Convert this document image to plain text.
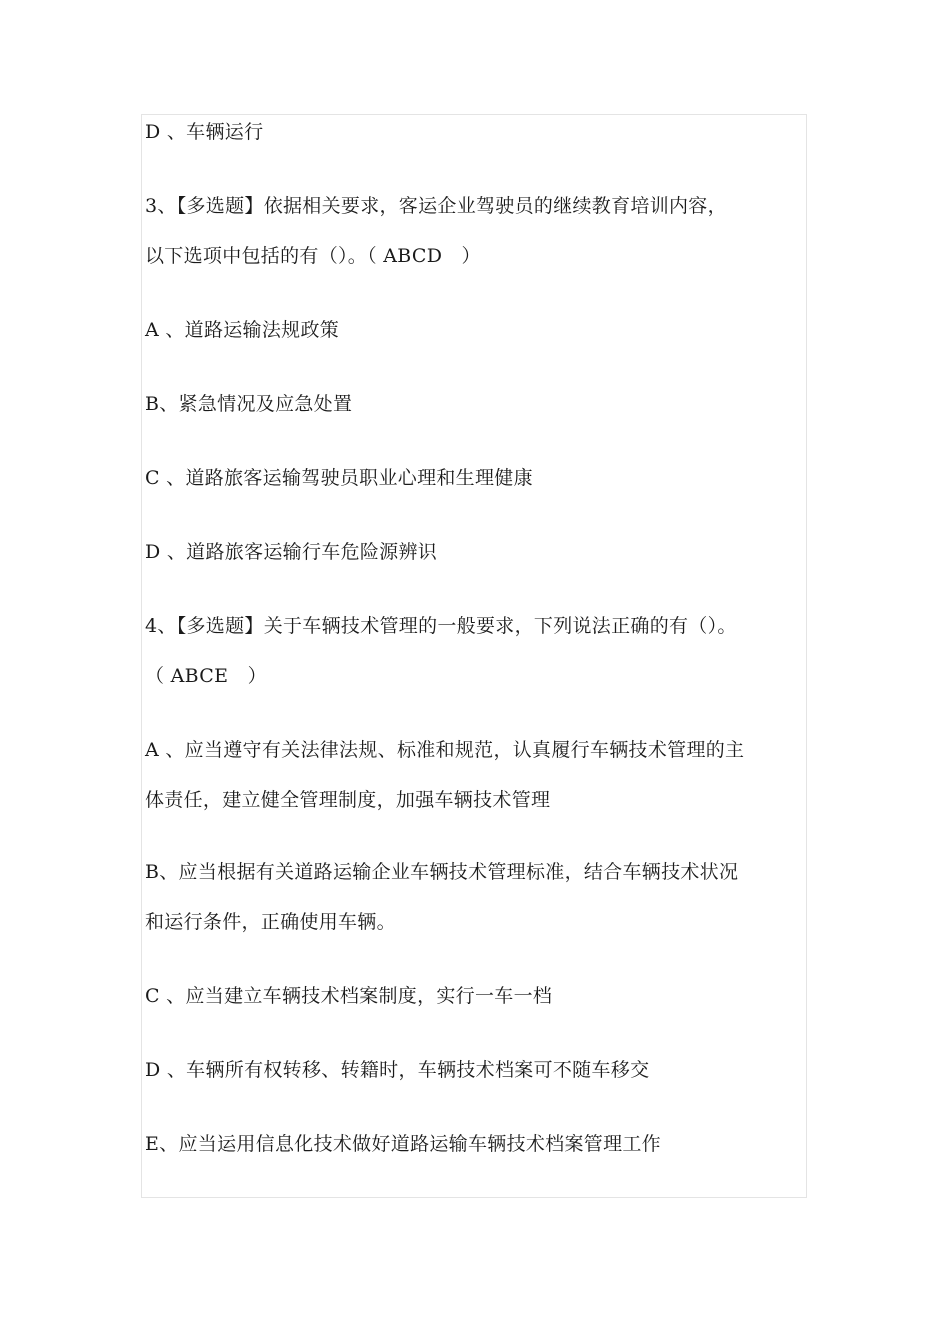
D 、车辆运行
3、【多选题】依据相关要求，客运企业驾驶员的继续教育培训内容，
以下选项中包括的有（）。（ ABCD　）
A 、道路运输法规政策
B、紧急情况及应急处置
C 、道路旅客运输驾驶员职业心理和生理健康
D 、道路旅客运输行车危险源辨识
4、【多选题】关于车辆技术管理的一般要求，下列说法正确的有（）。
（ ABCE　）
A 、应当遵守有关法律法规、标准和规范，认真履行车辆技术管理的主
体责任，建立健全管理制度，加强车辆技术管理
B、应当根据有关道路运输企业车辆技术管理标准，结合车辆技术状况
和运行条件，正确使用车辆。
C 、应当建立车辆技术档案制度，实行一车一档
D 、车辆所有权转移、转籍时，车辆技术档案可不随车移交
E、应当运用信息化技术做好道路运输车辆技术档案管理工作
